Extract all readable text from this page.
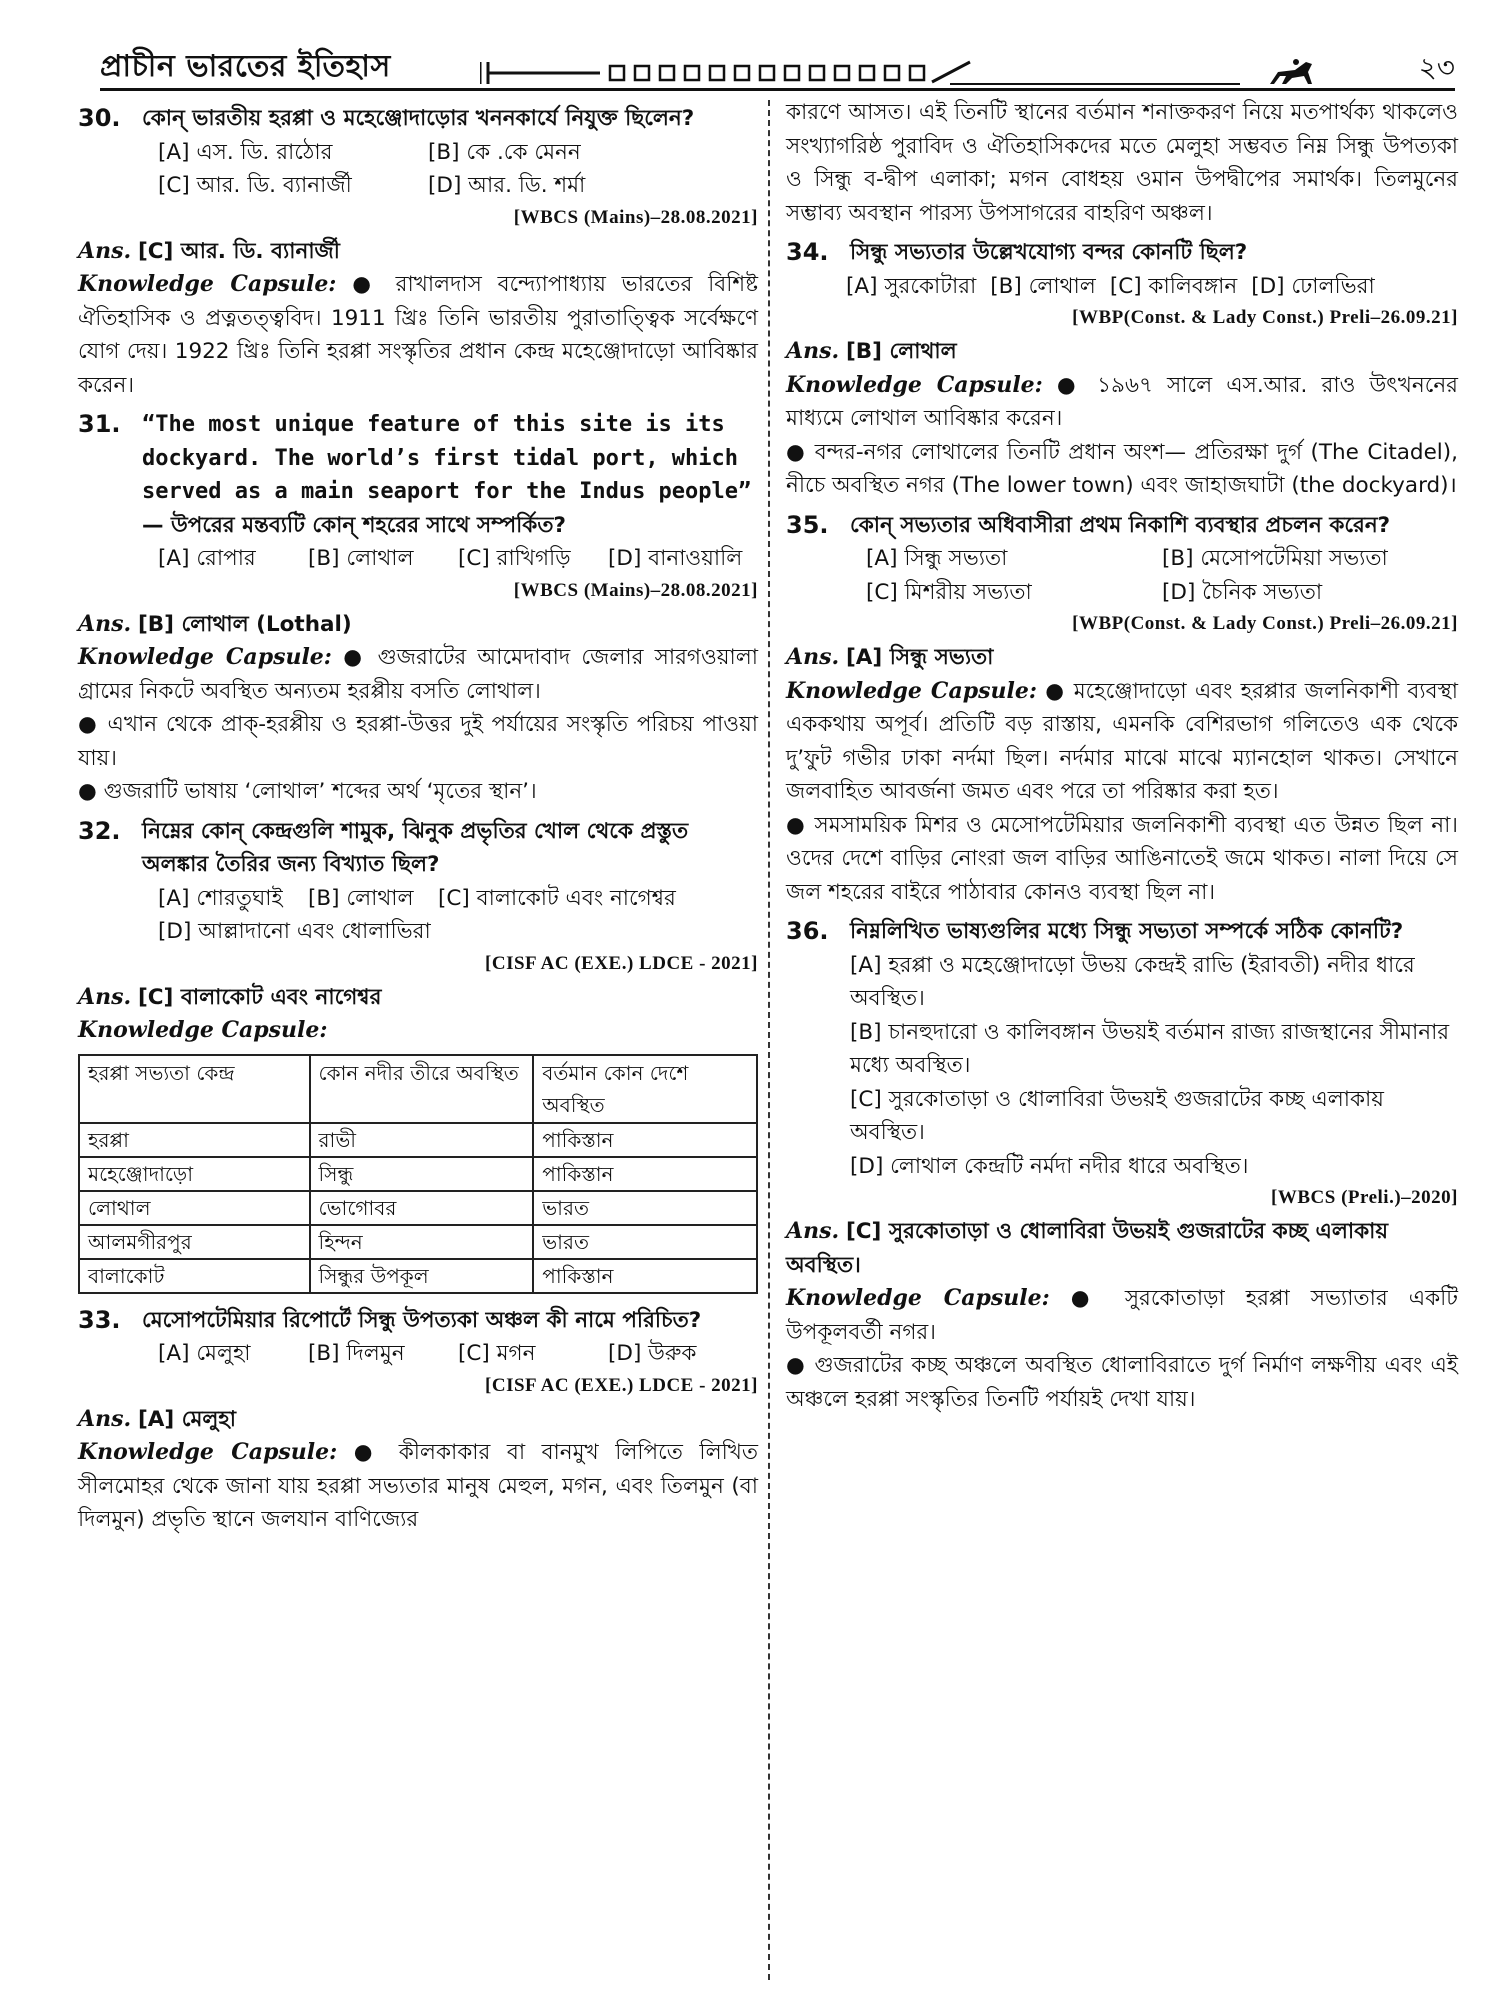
প্রাচীন ভারতের ইতিহাস	২৩
30. কোন্ ভারতীয় হরপ্পা ও মহেঞ্জোদাড়োর খননকার্যে নিযুক্ত ছিলেন?
[A] এস. ডি. রাঠোর	[B] কে .কে মেনন
[C] আর. ডি. ব্যানার্জী	[D] আর. ডি. শর্মা
[WBCS (Mains)–28.08.2021]
Ans. [C] আর. ডি. ব্যানার্জী
Knowledge Capsule: ● রাখালদাস বন্দ্যোপাধ্যায় ভারতের বিশিষ্ট ঐতিহাসিক ও প্রত্নতত্ত্ববিদ। 1911 খ্রিঃ তিনি ভারতীয় পুরাতাত্ত্বিক সর্বেক্ষণে যোগ দেয়। 1922 খ্রিঃ তিনি হরপ্পা সংস্কৃতির প্রধান কেন্দ্র মহেঞ্জোদাড়ো আবিষ্কার করেন।
31. “The most unique feature of this site is its dockyard. The world’s first tidal port, which served as a main seaport for the Indus people” — উপরের মন্তব্যটি কোন্ শহরের সাথে সম্পর্কিত?
[A] রোপার	[B] লোথাল	[C] রাখিগড়ি	[D] বানাওয়ালি
[WBCS (Mains)–28.08.2021]
Ans. [B] লোথাল (Lothal)
Knowledge Capsule: ● গুজরাটের আমেদাবাদ জেলার সারগওয়ালা গ্রামের নিকটে অবস্থিত অন্যতম হরপ্পীয় বসতি লোথাল।
● এখান থেকে প্রাক্-হরপ্পীয় ও হরপ্পা-উত্তর দুই পর্যায়ের সংস্কৃতি পরিচয় পাওয়া যায়।
● গুজরাটি ভাষায় ‘লোথাল’ শব্দের অর্থ ‘মৃতের স্থান’।
32. নিম্নের কোন্ কেন্দ্রগুলি শামুক, ঝিনুক প্রভৃতির খোল থেকে প্রস্তুত অলঙ্কার তৈরির জন্য বিখ্যাত ছিল?
[A] শোরতুঘাই	[B] লোথাল	[C] বালাকোট এবং নাগেশ্বর
[D] আল্লাদানো এবং ধোলাভিরা
[CISF AC (EXE.) LDCE - 2021]
Ans. [C] বালাকোট এবং নাগেশ্বর
Knowledge Capsule:
হরপ্পা সভ্যতা কেন্দ্র	কোন নদীর তীরে অবস্থিত	বর্তমান কোন দেশে অবস্থিত
হরপ্পা	রাভী	পাকিস্তান
মহেঞ্জোদাড়ো	সিন্ধু	পাকিস্তান
লোথাল	ভোগোবর	ভারত
আলমগীরপুর	হিন্দন	ভারত
বালাকোট	সিন্ধুর উপকূল	পাকিস্তান
33. মেসোপটেমিয়ার রিপোর্টে সিন্ধু উপত্যকা অঞ্চল কী নামে পরিচিত?
[A] মেলুহা	[B] দিলমুন	[C] মগন	[D] উরুক
[CISF AC (EXE.) LDCE - 2021]
Ans. [A] মেলুহা
Knowledge Capsule: ● কীলকাকার বা বানমুখ লিপিতে লিখিত সীলমোহর থেকে জানা যায় হরপ্পা সভ্যতার মানুষ মেহুল, মগন, এবং তিলমুন (বা দিলমুন) প্রভৃতি স্থানে জলযান বাণিজ্যের
কারণে আসত। এই তিনটি স্থানের বর্তমান শনাক্তকরণ নিয়ে মতপার্থক্য থাকলেও সংখ্যাগরিষ্ঠ পুরাবিদ ও ঐতিহাসিকদের মতে মেলুহা সম্ভবত নিম্ন সিন্ধু উপত্যকা ও সিন্ধু ব-দ্বীপ এলাকা; মগন বোধহয় ওমান উপদ্বীপের সমার্থক। তিলমুনের সম্ভাব্য অবস্থান পারস্য উপসাগরের বাহরিণ অঞ্চল।
34. সিন্ধু সভ্যতার উল্লেখযোগ্য বন্দর কোনটি ছিল?
[A] সুরকোটারা [B] লোথাল [C] কালিবঙ্গান [D] ঢোলভিরা
[WBP(Const. & Lady Const.) Preli–26.09.21]
Ans. [B] লোথাল
Knowledge Capsule: ● ১৯৬৭ সালে এস.আর. রাও উৎখননের মাধ্যমে লোথাল আবিষ্কার করেন।
● বন্দর-নগর লোথালের তিনটি প্রধান অংশ— প্রতিরক্ষা দুর্গ (The Citadel), নীচে অবস্থিত নগর (The lower town) এবং জাহাজঘাটা (the dockyard)।
35. কোন্ সভ্যতার অধিবাসীরা প্রথম নিকাশি ব্যবস্থার প্রচলন করেন?
[A] সিন্ধু সভ্যতা	[B] মেসোপটেমিয়া সভ্যতা
[C] মিশরীয় সভ্যতা	[D] চৈনিক সভ্যতা
[WBP(Const. & Lady Const.) Preli–26.09.21]
Ans. [A] সিন্ধু সভ্যতা
Knowledge Capsule: ● মহেঞ্জোদাড়ো এবং হরপ্পার জলনিকাশী ব্যবস্থা এককথায় অপূর্ব। প্রতিটি বড় রাস্তায়, এমনকি বেশিরভাগ গলিতেও এক থেকে দু’ফুট গভীর ঢাকা নর্দমা ছিল। নর্দমার মাঝে মাঝে ম্যানহোল থাকত। সেখানে জলবাহিত আবর্জনা জমত এবং পরে তা পরিষ্কার করা হত।
● সমসাময়িক মিশর ও মেসোপটেমিয়ার জলনিকাশী ব্যবস্থা এত উন্নত ছিল না। ওদের দেশে বাড়ির নোংরা জল বাড়ির আঙিনাতেই জমে থাকত। নালা দিয়ে সে জল শহরের বাইরে পাঠাবার কোনও ব্যবস্থা ছিল না।
36. নিম্নলিখিত ভাষ্যগুলির মধ্যে সিন্ধু সভ্যতা সম্পর্কে সঠিক কোনটি?
[A] হরপ্পা ও মহেঞ্জোদাড়ো উভয় কেন্দ্রই রাভি (ইরাবতী) নদীর ধারে অবস্থিত।
[B] চানহুদারো ও কালিবঙ্গান উভয়ই বর্তমান রাজ্য রাজস্থানের সীমানার মধ্যে অবস্থিত।
[C] সুরকোতাড়া ও ধোলাবিরা উভয়ই গুজরাটের কচ্ছ এলাকায় অবস্থিত।
[D] লোথাল কেন্দ্রটি নর্মদা নদীর ধারে অবস্থিত।
[WBCS (Preli.)–2020]
Ans. [C] সুরকোতাড়া ও ধোলাবিরা উভয়ই গুজরাটের কচ্ছ এলাকায় অবস্থিত।
Knowledge Capsule: ● সুরকোতাড়া হরপ্পা সভ্যাতার একটি উপকূলবর্তী নগর।
● গুজরাটের কচ্ছ অঞ্চলে অবস্থিত ধোলাবিরাতে দুর্গ নির্মাণ লক্ষণীয় এবং এই অঞ্চলে হরপ্পা সংস্কৃতির তিনটি পর্যায়ই দেখা যায়।
